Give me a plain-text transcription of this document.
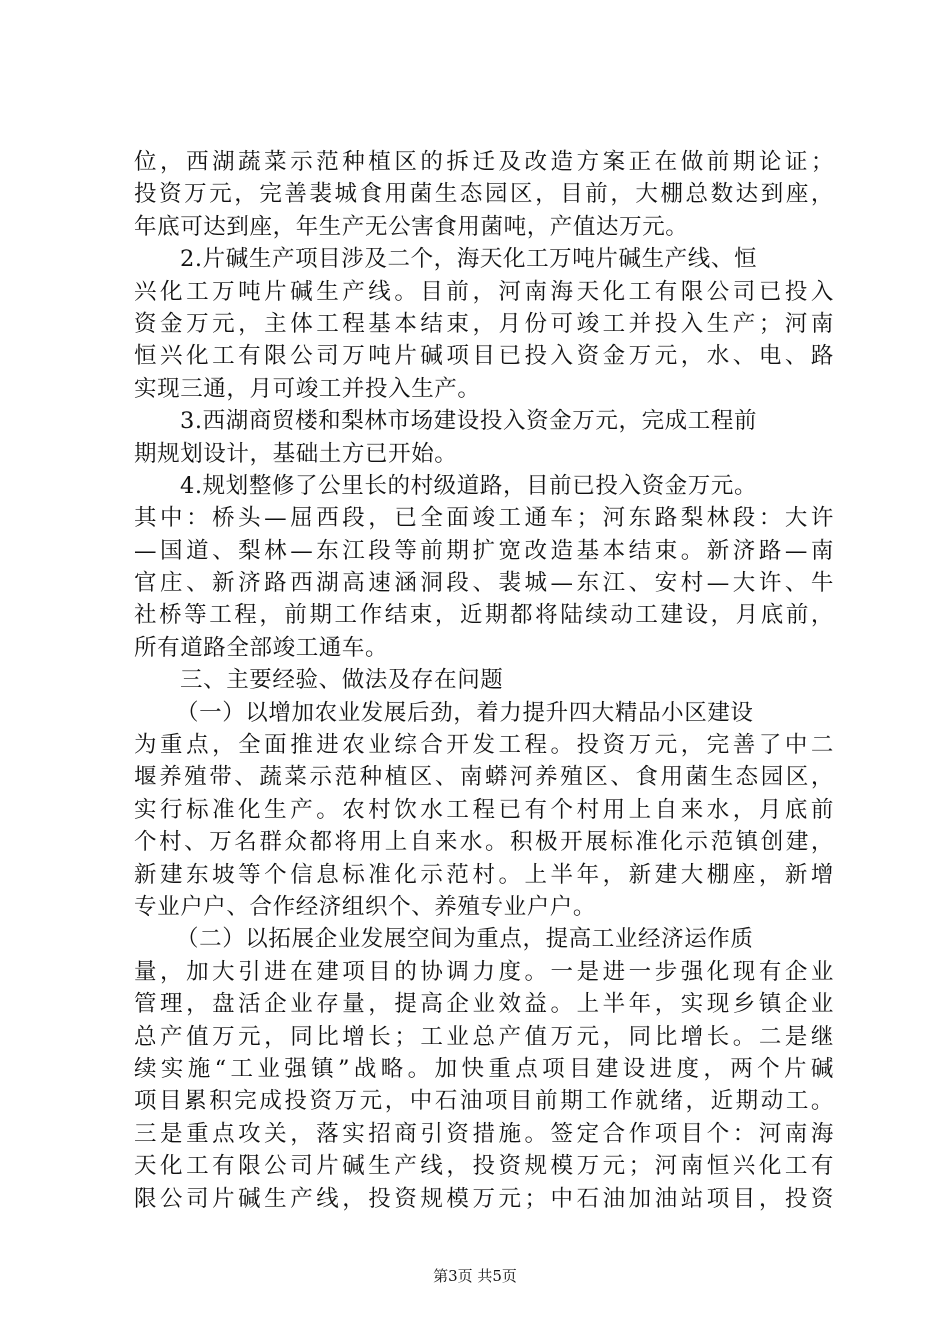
位，西湖蔬菜示范种植区的拆迁及改造方案正在做前期论证；
投资万元，完善裴城食用菌生态园区，目前，大棚总数达到座，
年底可达到座，年生产无公害食用菌吨，产值达万元。
2.片碱生产项目涉及二个，海天化工万吨片碱生产线、恒
兴化工万吨片碱生产线。目前，河南海天化工有限公司已投入
资金万元，主体工程基本结束，月份可竣工并投入生产；河南
恒兴化工有限公司万吨片碱项目已投入资金万元，水、电、路
实现三通，月可竣工并投入生产。
3.西湖商贸楼和梨林市场建设投入资金万元，完成工程前
期规划设计，基础土方已开始。
4.规划整修了公里长的村级道路，目前已投入资金万元。
其中：桥头—屈西段，已全面竣工通车；河东路梨林段：大许
—国道、梨林—东江段等前期扩宽改造基本结束。新济路—南
官庄、新济路西湖高速涵洞段、裴城—东江、安村—大许、牛
社桥等工程，前期工作结束，近期都将陆续动工建设，月底前，
所有道路全部竣工通车。
三、主要经验、做法及存在问题
（一）以增加农业发展后劲，着力提升四大精品小区建设
为重点，全面推进农业综合开发工程。投资万元，完善了中二
堰养殖带、蔬菜示范种植区、南蟒河养殖区、食用菌生态园区，
实行标准化生产。农村饮水工程已有个村用上自来水，月底前
个村、万名群众都将用上自来水。积极开展标准化示范镇创建，
新建东坡等个信息标准化示范村。上半年，新建大棚座，新增
专业户户、合作经济组织个、养殖专业户户。
（二）以拓展企业发展空间为重点，提高工业经济运作质
量，加大引进在建项目的协调力度。一是进一步强化现有企业
管理，盘活企业存量，提高企业效益。上半年，实现乡镇企业
总产值万元，同比增长；工业总产值万元，同比增长。二是继
续实施“工业强镇”战略。加快重点项目建设进度，两个片碱
项目累积完成投资万元，中石油项目前期工作就绪，近期动工。
三是重点攻关，落实招商引资措施。签定合作项目个：河南海
天化工有限公司片碱生产线，投资规模万元；河南恒兴化工有
限公司片碱生产线，投资规模万元；中石油加油站项目，投资
第3页 共5页
